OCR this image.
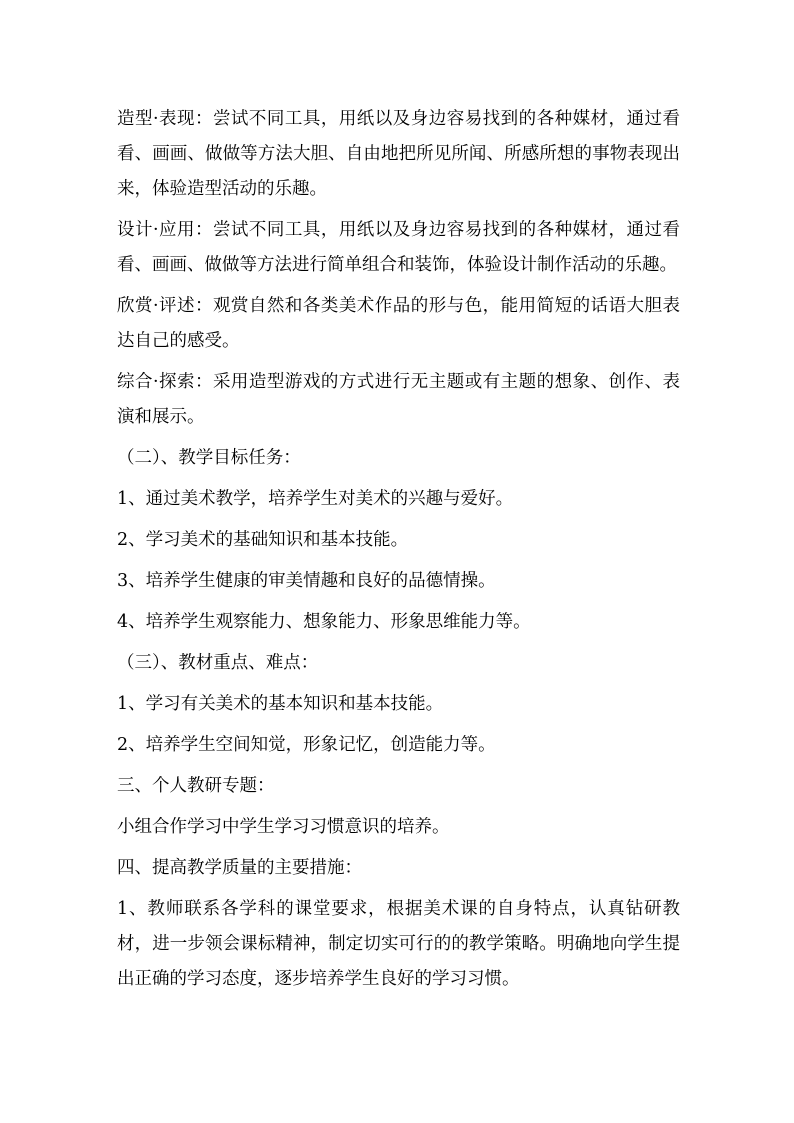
造型·表现：尝试不同工具，用纸以及身边容易找到的各种媒材，通过看看、画画、做做等方法大胆、自由地把所见所闻、所感所想的事物表现出来，体验造型活动的乐趣。

设计·应用：尝试不同工具，用纸以及身边容易找到的各种媒材，通过看看、画画、做做等方法进行简单组合和装饰，体验设计制作活动的乐趣。

欣赏·评述：观赏自然和各类美术作品的形与色，能用简短的话语大胆表达自己的感受。

综合·探索：采用造型游戏的方式进行无主题或有主题的想象、创作、表演和展示。

（二）、教学目标任务：

1、通过美术教学，培养学生对美术的兴趣与爱好。

2、学习美术的基础知识和基本技能。

3、培养学生健康的审美情趣和良好的品德情操。

4、培养学生观察能力、想象能力、形象思维能力等。

（三）、教材重点、难点：

1、学习有关美术的基本知识和基本技能。

2、培养学生空间知觉，形象记忆，创造能力等。

三、个人教研专题：

小组合作学习中学生学习习惯意识的培养。

四、提高教学质量的主要措施：

1、教师联系各学科的课堂要求，根据美术课的自身特点，认真钻研教材，进一步领会课标精神，制定切实可行的的教学策略。明确地向学生提出正确的学习态度，逐步培养学生良好的学习习惯。
